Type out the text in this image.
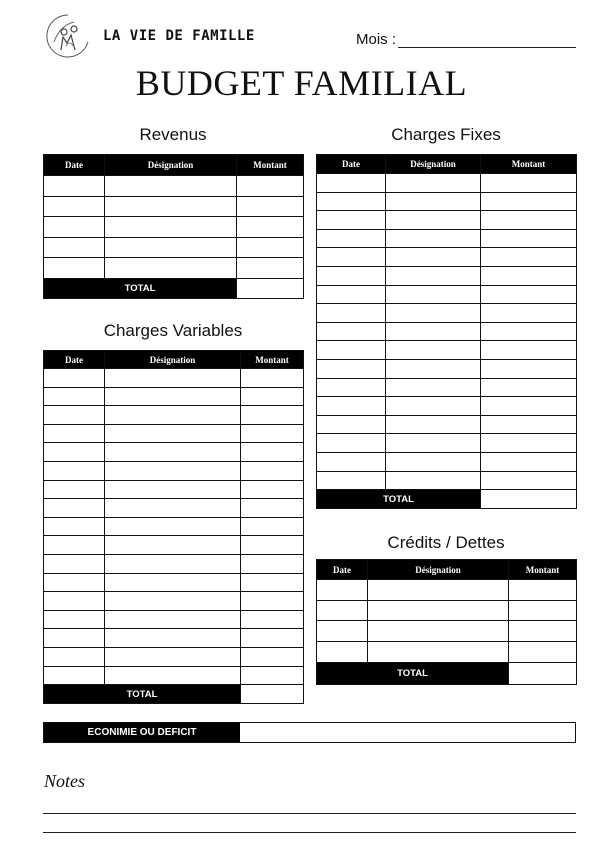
LA VIE DE FAMILLE	Mois :
BUDGET FAMILIAL
Revenus
Date	Désignation	Montant

TOTAL		
Charges Variables
Date	Désignation	Montant

TOTAL		
Charges Fixes
Date	Désignation	Montant

TOTAL		
Crédits / Dettes
Date	Désignation	Montant

TOTAL		
ECONIMIE OU DEFICIT
Notes
